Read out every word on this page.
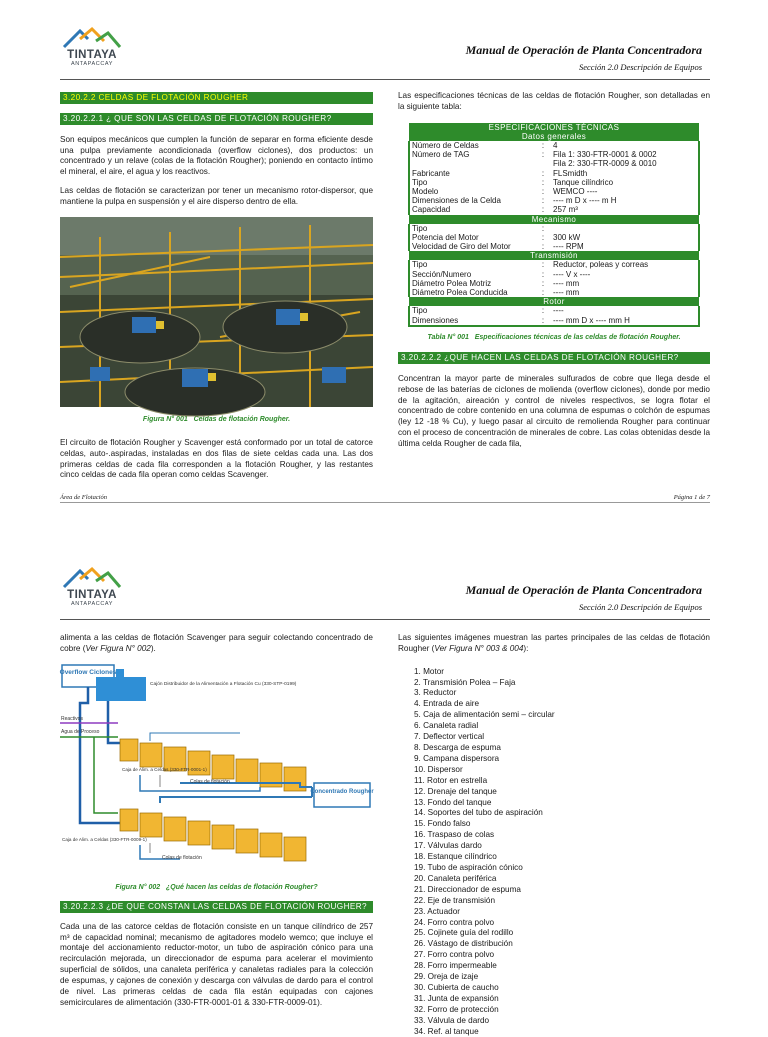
TINTAYA
ANTAPACCAY
Manual de Operación de Planta Concentradora
Sección 2.0 Descripción de Equipos
3.20.2.2 CELDAS DE FLOTACIÓN ROUGHER
3.20.2.2.1 ¿ QUE SON LAS CELDAS DE FLOTACIÓN ROUGHER?

Son equipos mecánicos que cumplen la función de separar en forma eficiente desde una pulpa previamente acondicionada (overflow ciclones), dos productos: un concentrado y un relave (colas de la flotación Rougher); poniendo en contacto íntimo el mineral, el aire, el agua y los reactivos.

Las celdas de flotación se caracterizan por tener un mecanismo rotor-dispersor, que mantiene la pulpa en suspensión y el aire disperso dentro de ella.

Figura N° 001 Celdas de flotación Rougher.

El circuito de flotación Rougher y Scavenger está conformado por un total de catorce celdas, auto-.aspiradas, instaladas en dos filas de siete celdas cada una. Las dos primeras celdas de cada fila corresponden a la flotación Rougher, y las restantes cinco celdas de cada fila operan como celdas Scavenger.

Las especificaciones técnicas de las celdas de flotación Rougher, son detalladas en la siguiente tabla:

ESPECIFICACIONES TÉCNICAS		
Datos generales		
Número de Celdas	:	4
Número de TAG	:	Fila 1: 330-FTR-0001 & 0002
		Fila 2: 330-FTR-0009 & 0010
Fabricante	:	FLSmidth
Tipo	:	Tanque cilíndrico
Modelo	:	WEMCO ----
Dimensiones de la Celda	:	---- m D x ---- m H
Capacidad	:	257 m³
Mecanismo		
Tipo	:	
Potencia del Motor	:	300 kW
Velocidad de Giro del Motor	:	---- RPM
Transmisión		
Tipo	:	Reductor, poleas y correas
Sección/Numero	:	---- V x ----
Diámetro Polea Motriz	:	---- mm
Diámetro Polea Conducida	:	---- mm
Rotor		
Tipo	:	----
Dimensiones	:	---- mm D x ---- mm H

Tabla N° 001 Especificaciones técnicas de las celdas de flotación Rougher.

3.20.2.2.2 ¿QUE HACEN LAS CELDAS DE FLOTACIÓN ROUGHER?

Concentran la mayor parte de minerales sulfurados de cobre que llega desde el rebose de las baterías de ciclones de molienda (overflow ciclones), donde por medio de la agitación, aireación y control de niveles respectivos, se logra flotar el concentrado de cobre contenido en una columna de espumas o colchón de espumas (ley 12 -18 % Cu), y luego pasar al circuito de remolienda Rougher para continuar con el proceso de concentración de minerales de cobre. Las colas obtenidas desde la última celda Rougher de cada fila,

Área de Flotación	Página 1 de 7
TINTAYA
ANTAPACCAY
Manual de Operación de Planta Concentradora
Sección 2.0 Descripción de Equipos

alimenta a las celdas de flotación Scavenger para seguir colectando concentrado de cobre (Ver Figura N° 002).

Overflow Ciclones
Cajón Distribuidor de la Alimentación a Flotación Cu (330-STP-0199)
Reactivos
Agua de Proceso
Concentrado Rougher
Caja de Alim. a Celdas (330-FTR-0001-1)
Colas de flotación
Caja de Alim. a Celdas (330-FTR-0009-1)
Colas de flotación

Figura N° 002 ¿Qué hacen las celdas de flotación Rougher?

3.20.2.2.3 ¿DE QUE CONSTAN LAS CELDAS DE FLOTACIÓN ROUGHER?

Cada una de las catorce celdas de flotación consiste en un tanque cilíndrico de 257 m³ de capacidad nominal; mecanismo de agitadores modelo wemco; que incluye el montaje del accionamiento reductor-motor, un tubo de aspiración cónico para una recirculación mejorada, un direccionador de espuma para acelerar el movimiento superficial de sólidos, una canaleta periférica y canaletas radiales para la colección de espumas, y cajones de conexión y descarga con válvulas de dardo para el control de nivel. Las primeras celdas de cada fila están equipadas con cajones semicirculares de alimentación (330-FTR-0001-01 & 330-FTR-0009-01).

Las siguientes imágenes muestran las partes principales de las celdas de flotación Rougher (Ver Figura N° 003 & 004):

1. Motor
2. Transmisión Polea – Faja
3. Reductor
4. Entrada de aire
5. Caja de alimentación semi – circular
6. Canaleta radial
7. Deflector vertical
8. Descarga de espuma
9. Campana dispersora
10. Dispersor
11. Rotor en estrella
12. Drenaje del tanque
13. Fondo del tanque
14. Soportes del tubo de aspiración
15. Fondo falso
16. Traspaso de colas
17. Válvulas dardo
18. Estanque cilíndrico
19. Tubo de aspiración cónico
20. Canaleta periférica
21. Direccionador de espuma
22. Eje de transmisión
23. Actuador
24. Forro contra polvo
25. Cojinete guía del rodillo
26. Vástago de distribución
27. Forro contra polvo
28. Forro impermeable
29. Oreja de izaje
30. Cubierta de caucho
31. Junta de expansión
32. Forro de protección
33. Válvula de dardo
34. Ref. al tanque
